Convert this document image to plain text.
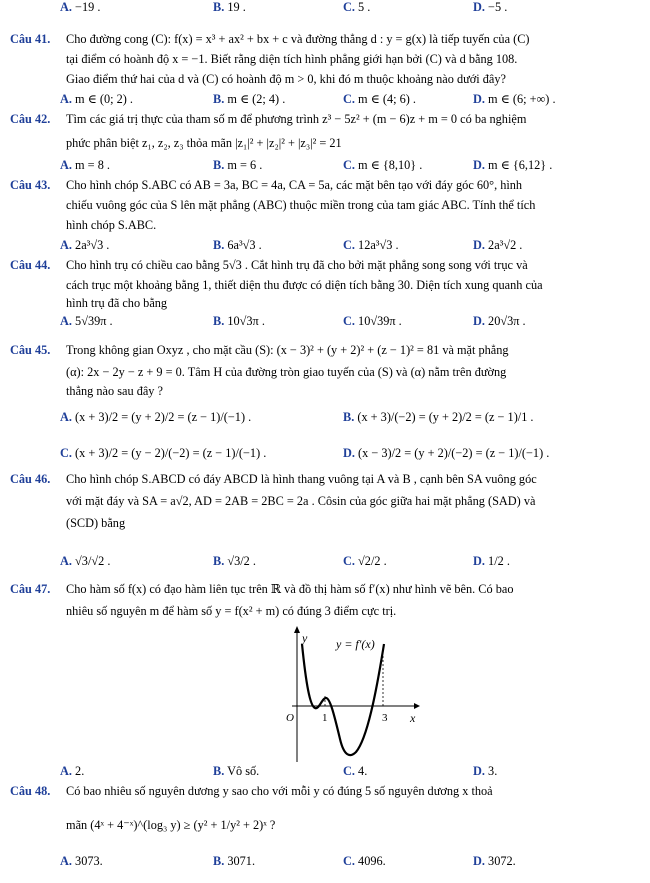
A. −19 .	B. 19 .	C. 5 .	D. −5 .
Câu 41. Cho đường cong (C): f(x) = x³ + ax² + bx + c và đường thẳng d : y = g(x) là tiếp tuyến của (C)
tại điểm có hoành độ x = −1. Biết rằng diện tích hình phẳng giới hạn bởi (C) và d bằng 108.
Giao điểm thứ hai của d và (C) có hoành độ m > 0, khi đó m thuộc khoảng nào dưới đây?
A. m ∈ (0; 2) .	B. m ∈ (2; 4) .	C. m ∈ (4; 6) .	D. m ∈ (6; +∞) .
Câu 42. Tìm các giá trị thực của tham số m để phương trình z³ − 5z² + (m − 6)z + m = 0 có ba nghiệm
phức phân biệt z₁, z₂, z₃ thỏa mãn |z₁|² + |z₂|² + |z₃|² = 21
A. m = 8 .	B. m = 6 .	C. m ∈ {8,10} .	D. m ∈ {6,12} .
Câu 43. Cho hình chóp S.ABC có AB = 3a, BC = 4a, CA = 5a, các mặt bên tạo với đáy góc 60°, hình
chiếu vuông góc của S lên mặt phẳng (ABC) thuộc miền trong của tam giác ABC. Tính thể tích
hình chóp S.ABC.
A. 2a³√3 .	B. 6a³√3 .	C. 12a³√3 .	D. 2a³√2 .
Câu 44. Cho hình trụ có chiều cao bằng 5√3 . Cắt hình trụ đã cho bởi mặt phẳng song song với trục và
cách trục một khoảng bằng 1, thiết diện thu được có diện tích bằng 30. Diện tích xung quanh của
hình trụ đã cho bằng
A. 5√39π .	B. 10√3π .	C. 10√39π .	D. 20√3π .
Câu 45. Trong không gian Oxyz , cho mặt cầu (S): (x − 3)² + (y + 2)² + (z − 1)² = 81 và mặt phẳng
(α): 2x − 2y − z + 9 = 0. Tâm H của đường tròn giao tuyến của (S) và (α) nằm trên đường
thẳng nào sau đây ?
A. (x + 3)/2 = (y + 2)/2 = (z − 1)/(−1) .	B. (x + 3)/(−2) = (y + 2)/2 = (z − 1)/1 .
C. (x + 3)/2 = (y − 2)/(−2) = (z − 1)/(−1) .	D. (x − 3)/2 = (y + 2)/(−2) = (z − 1)/(−1) .
Câu 46. Cho hình chóp S.ABCD có đáy ABCD là hình thang vuông tại A và B , cạnh bên SA vuông góc
với mặt đáy và SA = a√2, AD = 2AB = 2BC = 2a . Côsin của góc giữa hai mặt phẳng (SAD) và
(SCD) bằng
A. √3/√2 .	B. √3/2 .	C. √2/2 .	D. 1/2 .
Câu 47. Cho hàm số f(x) có đạo hàm liên tục trên ℝ và đồ thị hàm số f′(x) như hình vẽ bên. Có bao
nhiêu số nguyên m để hàm số y = f(x² + m) có đúng 3 điểm cực trị.
y
x
O	1	3
y = f′(x)
A. 2.	B. Vô số.	C. 4.	D. 3.
Câu 48. Có bao nhiêu số nguyên dương y sao cho với mỗi y có đúng 5 số nguyên dương x thoả
mãn (4ˣ + 4⁻ˣ)^(log₃ y) ≥ (y² + 1/y² + 2)ˣ ?
A. 3073.	B. 3071.	C. 4096.	D. 3072.
